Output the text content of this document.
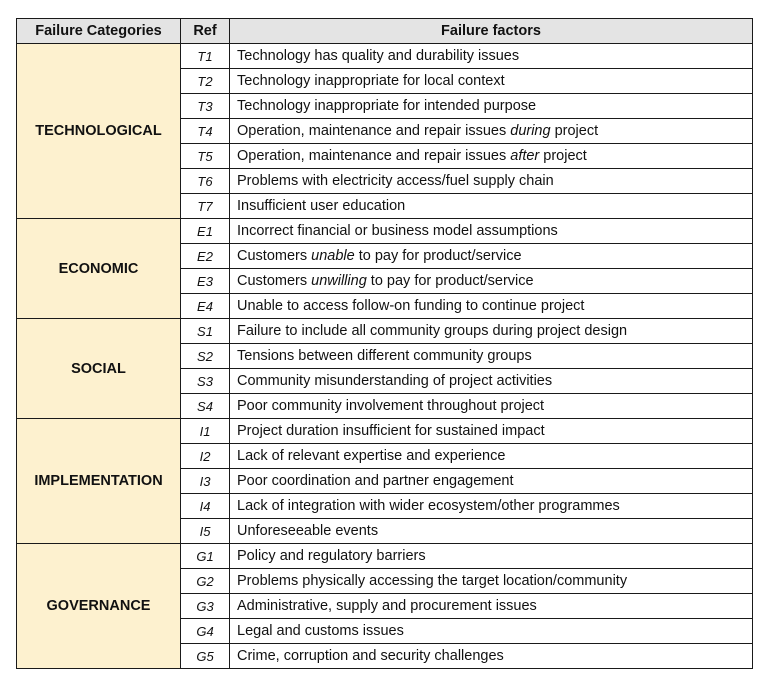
Failure Categories	Ref	Failure factors
TECHNOLOGICAL	T1	Technology has quality and durability issues
	T2	Technology inappropriate for local context
	T3	Technology inappropriate for intended purpose
	T4	Operation, maintenance and repair issues during project
	T5	Operation, maintenance and repair issues after project
	T6	Problems with electricity access/fuel supply chain
	T7	Insufficient user education
ECONOMIC	E1	Incorrect financial or business model assumptions
	E2	Customers unable to pay for product/service
	E3	Customers unwilling to pay for product/service
	E4	Unable to access follow-on funding to continue project
SOCIAL	S1	Failure to include all community groups during project design
	S2	Tensions between different community groups
	S3	Community misunderstanding of project activities
	S4	Poor community involvement throughout project
IMPLEMENTATION	I1	Project duration insufficient for sustained impact
	I2	Lack of relevant expertise and experience
	I3	Poor coordination and partner engagement
	I4	Lack of integration with wider ecosystem/other programmes
	I5	Unforeseeable events
GOVERNANCE	G1	Policy and regulatory barriers
	G2	Problems physically accessing the target location/community
	G3	Administrative, supply and procurement issues
	G4	Legal and customs issues
	G5	Crime, corruption and security challenges
